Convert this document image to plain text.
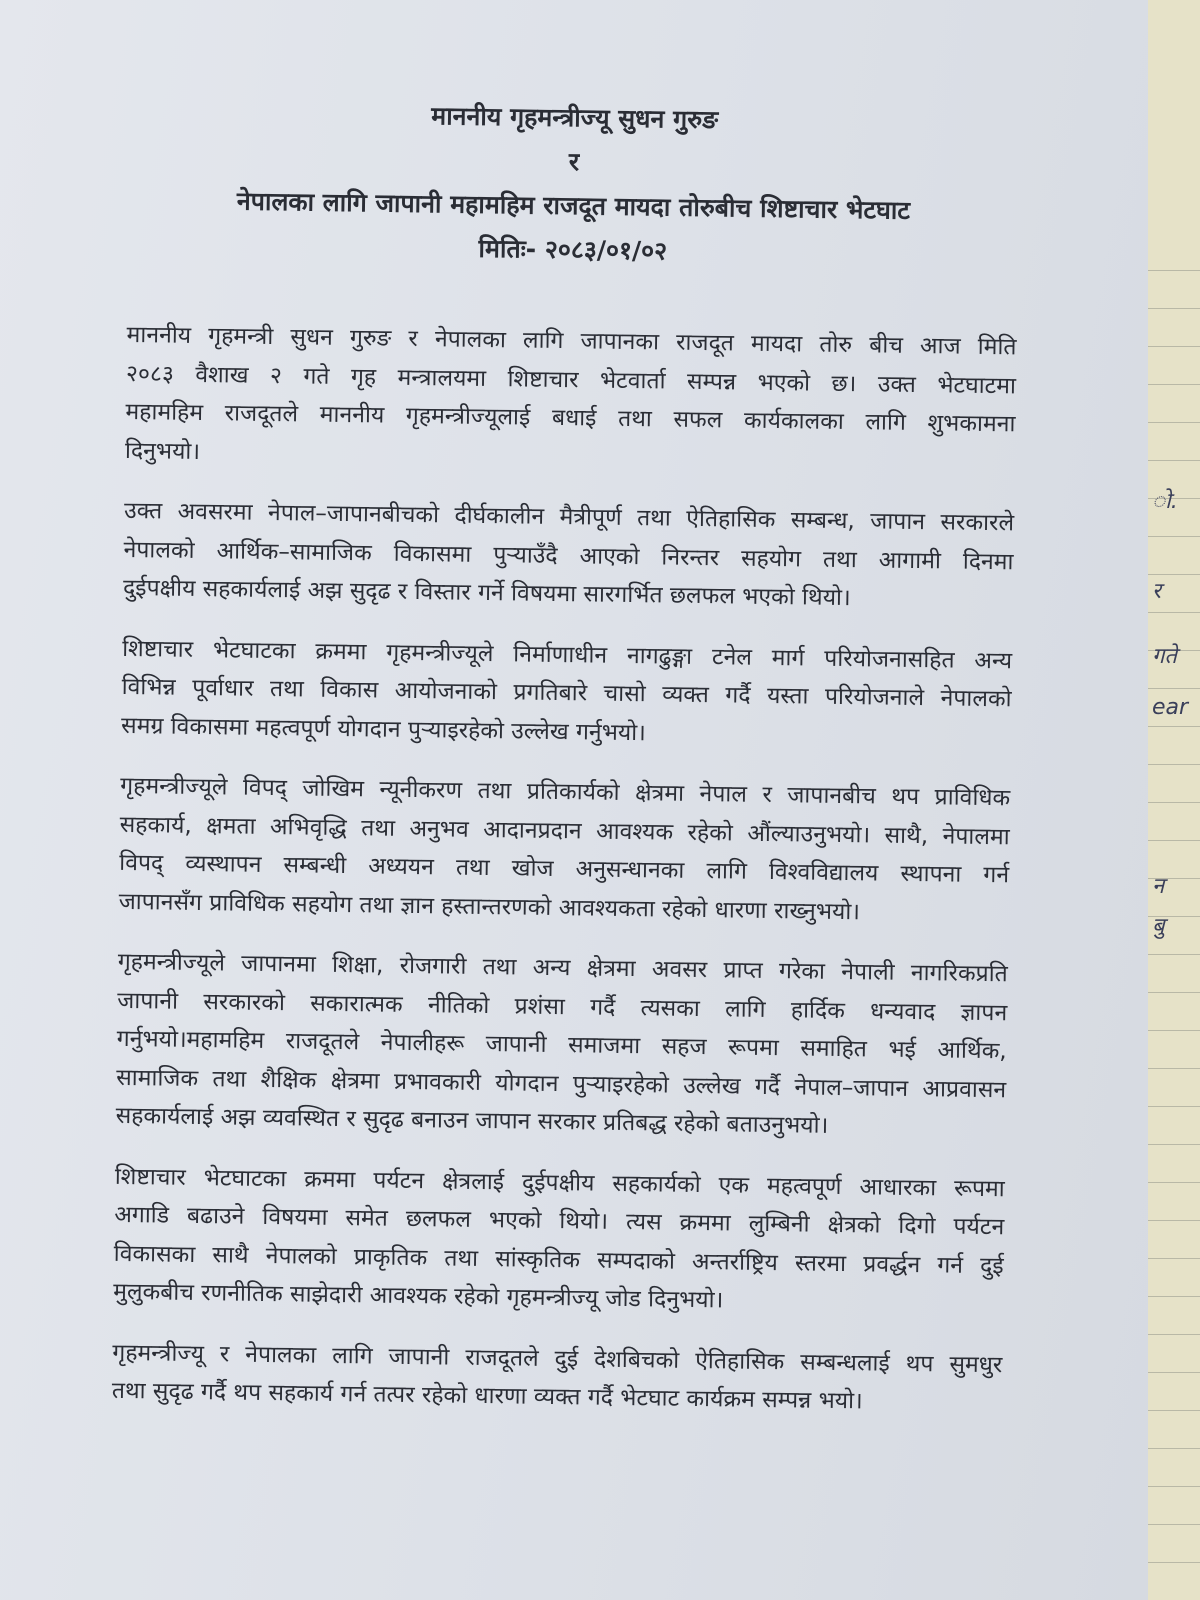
ो.
र
गते
ear
न
बु
माननीय गृहमन्त्रीज्यू सुधन गुरुङ
र
नेपालका लागि जापानी महामहिम राजदूत मायदा तोरुबीच शिष्टाचार भेटघाट
मितिः- २०८३/०१/०२
माननीय गृहमन्त्री सुधन गुरुङ र नेपालका लागि जापानका राजदूत मायदा तोरु बीच आज मिति
२०८३ वैशाख २ गते गृह मन्त्रालयमा शिष्टाचार भेटवार्ता सम्पन्न भएको छ। उक्त भेटघाटमा
महामहिम राजदूतले माननीय गृहमन्त्रीज्यूलाई बधाई तथा सफल कार्यकालका लागि शुभकामना
दिनुभयो।
उक्त अवसरमा नेपाल–जापानबीचको दीर्घकालीन मैत्रीपूर्ण तथा ऐतिहासिक सम्बन्ध, जापान सरकारले
नेपालको आर्थिक–सामाजिक विकासमा पुऱ्याउँदै आएको निरन्तर सहयोग तथा आगामी दिनमा
दुईपक्षीय सहकार्यलाई अझ सुदृढ र विस्तार गर्ने विषयमा सारगर्भित छलफल भएको थियो।
शिष्टाचार भेटघाटका क्रममा गृहमन्त्रीज्यूले निर्माणाधीन नागढुङ्गा टनेल मार्ग परियोजनासहित अन्य
विभिन्न पूर्वाधार तथा विकास आयोजनाको प्रगतिबारे चासो व्यक्त गर्दै यस्ता परियोजनाले नेपालको
समग्र विकासमा महत्वपूर्ण योगदान पुऱ्याइरहेको उल्लेख गर्नुभयो।
गृहमन्त्रीज्यूले विपद् जोखिम न्यूनीकरण तथा प्रतिकार्यको क्षेत्रमा नेपाल र जापानबीच थप प्राविधिक
सहकार्य, क्षमता अभिवृद्धि तथा अनुभव आदानप्रदान आवश्यक रहेको औंल्याउनुभयो। साथै, नेपालमा
विपद् व्यस्थापन सम्बन्धी अध्ययन तथा खोज अनुसन्धानका लागि विश्वविद्यालय स्थापना गर्न
जापानसँग प्राविधिक सहयोग तथा ज्ञान हस्तान्तरणको आवश्यकता रहेको धारणा राख्नुभयो।
गृहमन्त्रीज्यूले जापानमा शिक्षा, रोजगारी तथा अन्य क्षेत्रमा अवसर प्राप्त गरेका नेपाली नागरिकप्रति
जापानी सरकारको सकारात्मक नीतिको प्रशंसा गर्दै त्यसका लागि हार्दिक धन्यवाद ज्ञापन
गर्नुभयो।महामहिम राजदूतले नेपालीहरू जापानी समाजमा सहज रूपमा समाहित भई आर्थिक,
सामाजिक तथा शैक्षिक क्षेत्रमा प्रभावकारी योगदान पुऱ्याइरहेको उल्लेख गर्दै नेपाल–जापान आप्रवासन
सहकार्यलाई अझ व्यवस्थित र सुदृढ बनाउन जापान सरकार प्रतिबद्ध रहेको बताउनुभयो।
शिष्टाचार भेटघाटका क्रममा पर्यटन क्षेत्रलाई दुईपक्षीय सहकार्यको एक महत्वपूर्ण आधारका रूपमा
अगाडि बढाउने विषयमा समेत छलफल भएको थियो। त्यस क्रममा लुम्बिनी क्षेत्रको दिगो पर्यटन
विकासका साथै नेपालको प्राकृतिक तथा सांस्कृतिक सम्पदाको अन्तर्राष्ट्रिय स्तरमा प्रवर्द्धन गर्न दुई
मुलुकबीच रणनीतिक साझेदारी आवश्यक रहेको गृहमन्त्रीज्यू जोड दिनुभयो।
गृहमन्त्रीज्यू र नेपालका लागि जापानी राजदूतले दुई देशबिचको ऐतिहासिक सम्बन्धलाई थप सुमधुर
तथा सुदृढ गर्दै थप सहकार्य गर्न तत्पर रहेको धारणा व्यक्त गर्दै भेटघाट कार्यक्रम सम्पन्न भयो।
